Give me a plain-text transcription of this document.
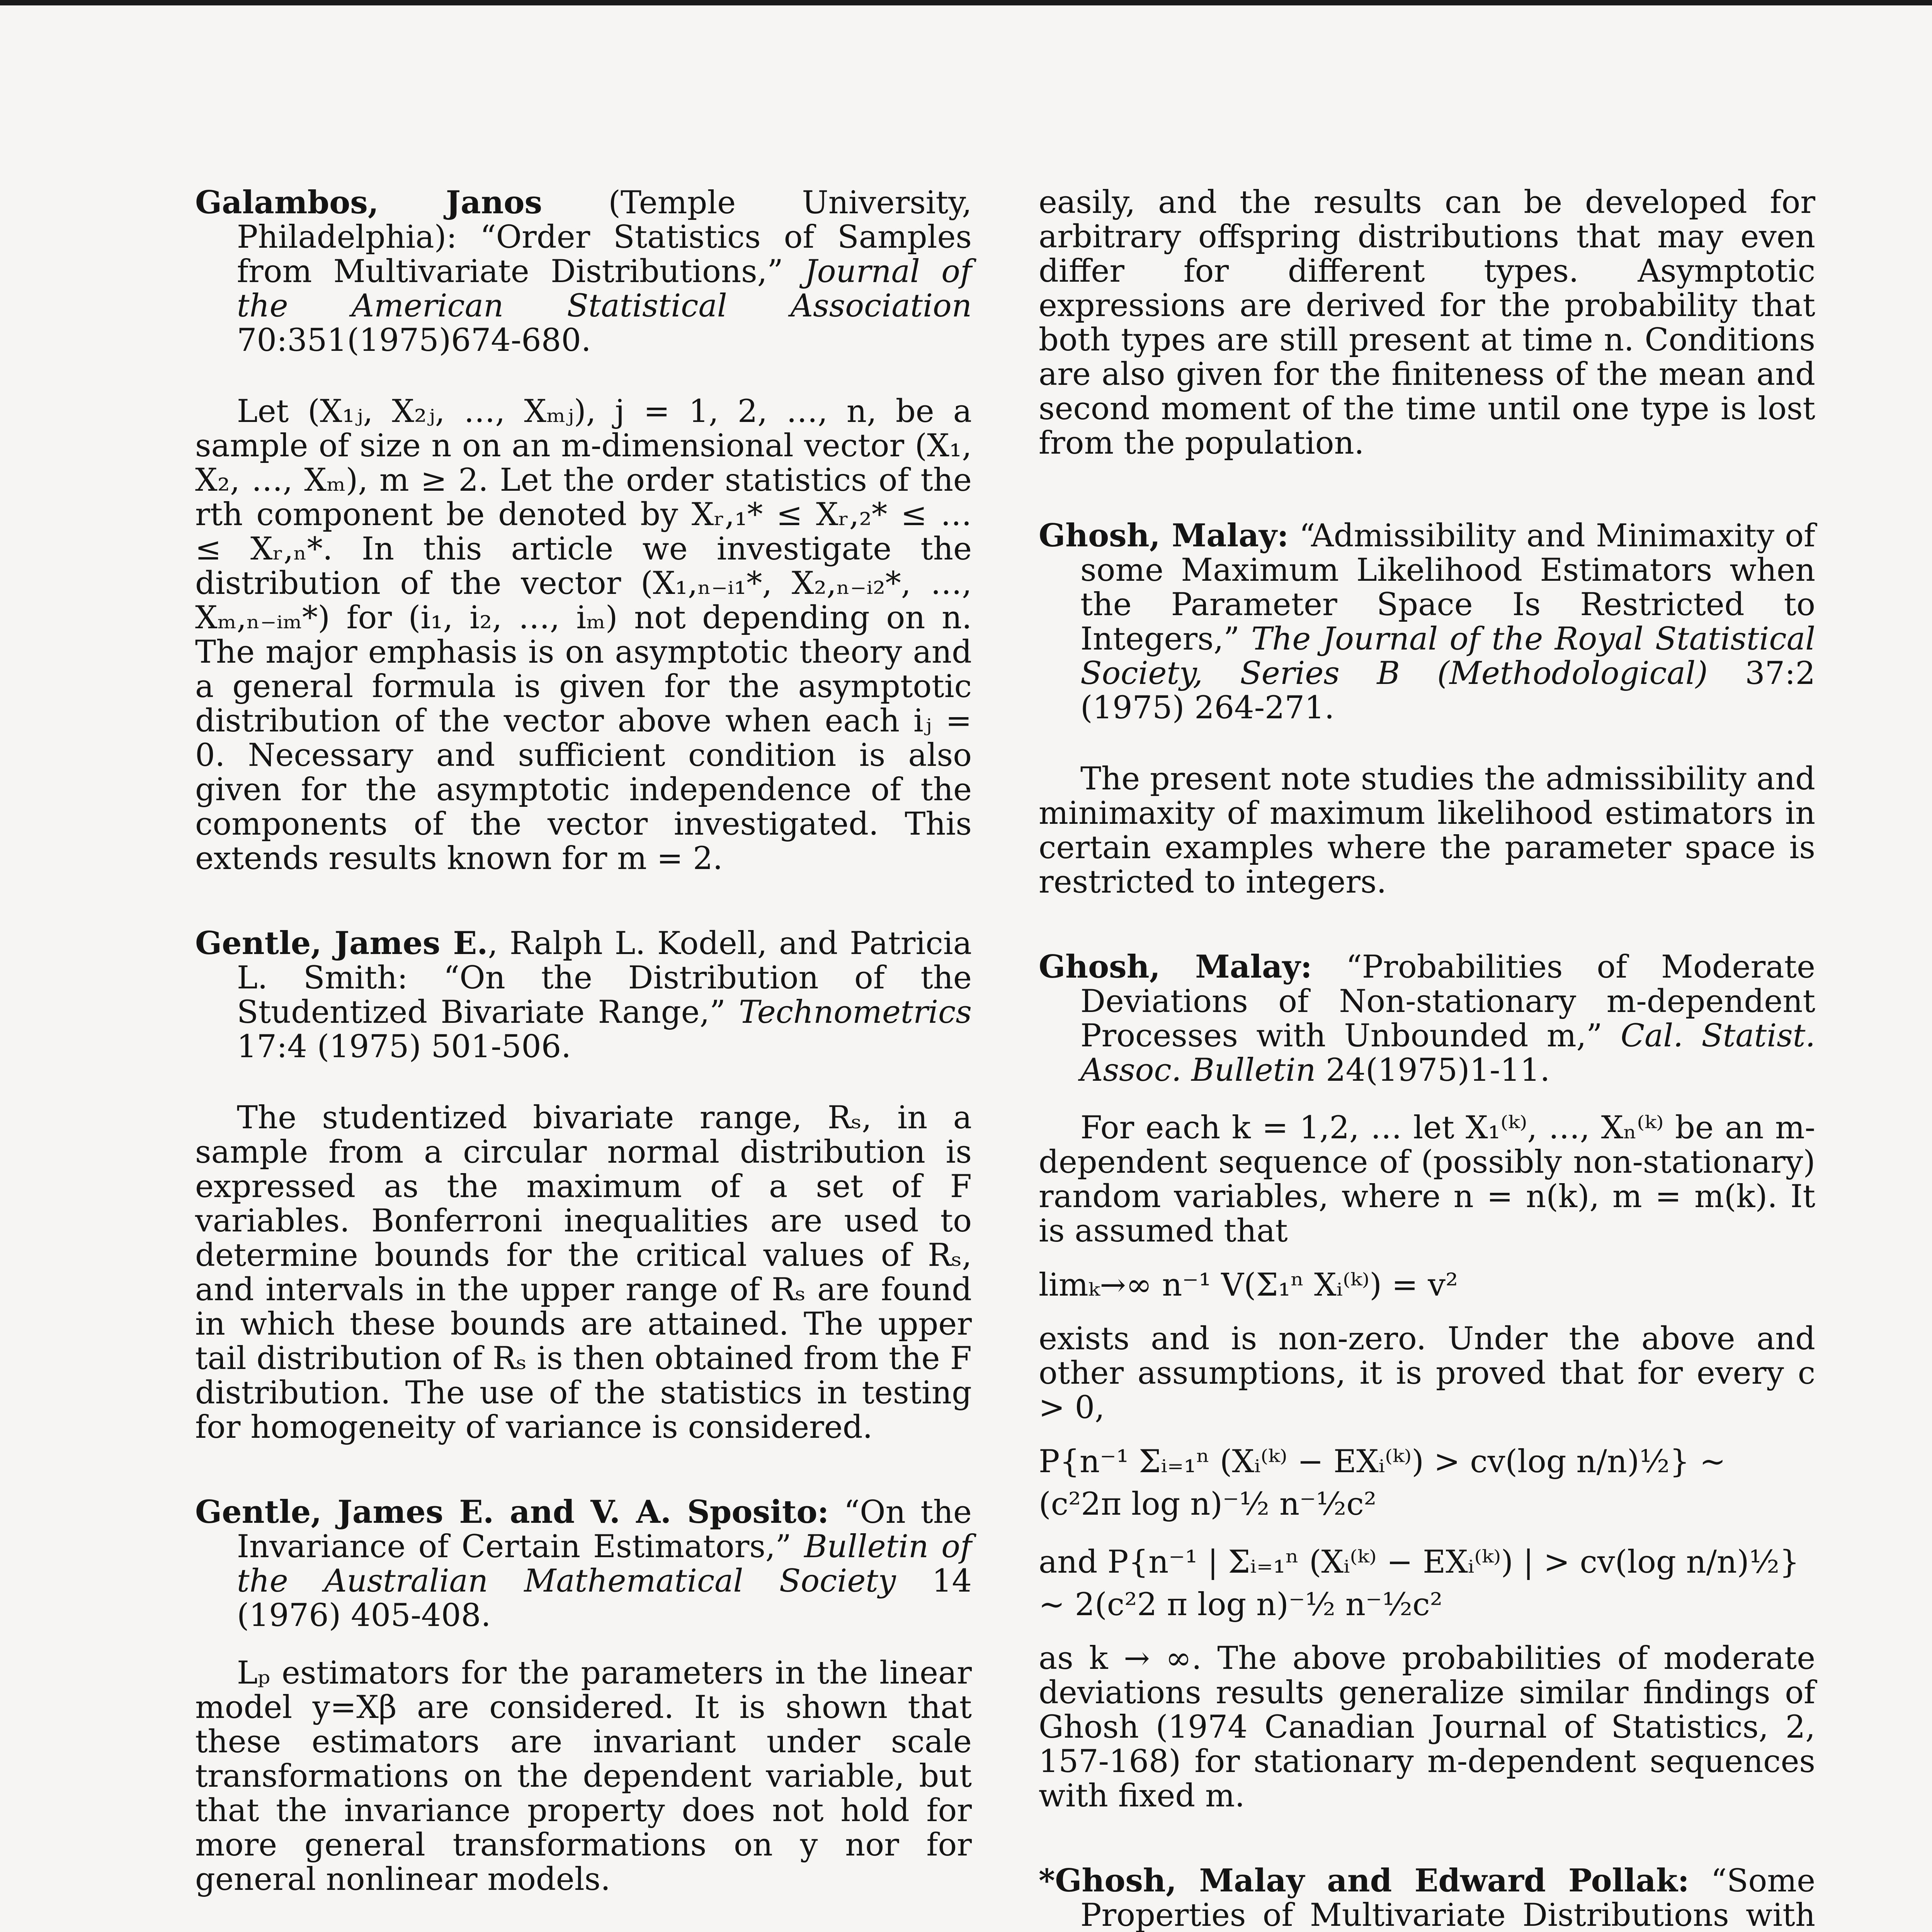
Galambos, Janos (Temple University, Philadelphia): “Order Statistics of Samples from Multivariate Distributions,” Journal of the American Statistical Association 70:351(1975)674-680.

Let (X₁ⱼ, X₂ⱼ, …, Xₘⱼ), j = 1, 2, …, n, be a sample of size n on an m-dimensional vector (X₁, X₂, …, Xₘ), m ≥ 2. Let the order statistics of the rth component be denoted by Xᵣ,₁* ≤ Xᵣ,₂* ≤ … ≤ Xᵣ,ₙ*. In this article we investigate the distribution of the vector (X₁,ₙ₋ᵢ₁*, X₂,ₙ₋ᵢ₂*, …, Xₘ,ₙ₋ᵢₘ*) for (i₁, i₂, …, iₘ) not depending on n. The major emphasis is on asymptotic theory and a general formula is given for the asymptotic distribution of the vector above when each iⱼ = 0. Necessary and sufficient condition is also given for the asymptotic independence of the components of the vector investigated. This extends results known for m = 2.

Gentle, James E., Ralph L. Kodell, and Patricia L. Smith: “On the Distribution of the Studentized Bivariate Range,” Technometrics 17:4 (1975) 501-506.

The studentized bivariate range, Rₛ, in a sample from a circular normal distribution is expressed as the maximum of a set of F variables. Bonferroni inequalities are used to determine bounds for the critical values of Rₛ, and intervals in the upper range of Rₛ are found in which these bounds are attained. The upper tail distribution of Rₛ is then obtained from the F distribution. The use of the statistics in testing for homogeneity of variance is considered.

Gentle, James E. and V. A. Sposito: “On the Invariance of Certain Estimators,” Bulletin of the Australian Mathematical Society 14 (1976) 405-408.

Lₚ estimators for the parameters in the linear model y=Xβ are considered. It is shown that these estimators are invariant under scale transformations on the dependent variable, but that the invariance property does not hold for more general transformations on y nor for general nonlinear models.

easily, and the results can be developed for arbitrary offspring distributions that may even differ for different types. Asymptotic expressions are derived for the probability that both types are still present at time n. Conditions are also given for the finiteness of the mean and second moment of the time until one type is lost from the population.

Ghosh, Malay: “Admissibility and Minimaxity of some Maximum Likelihood Estimators when the Parameter Space Is Restricted to Integers,” The Journal of the Royal Statistical Society, Series B (Methodological) 37:2 (1975) 264-271.

The present note studies the admissibility and minimaxity of maximum likelihood estimators in certain examples where the parameter space is restricted to integers.

Ghosh, Malay: “Probabilities of Moderate Deviations of Non-stationary m-dependent Processes with Unbounded m,” Cal. Statist. Assoc. Bulletin 24(1975)1-11.

For each k = 1,2, … let X₁⁽ᵏ⁾, …, Xₙ⁽ᵏ⁾ be an m-dependent sequence of (possibly non-stationary) random variables, where n = n(k), m = m(k). It is assumed that

limₖ→∞ n⁻¹ V(Σ₁ⁿ Xᵢ⁽ᵏ⁾) = v²

exists and is non-zero. Under the above and other assumptions, it is proved that for every c > 0,

P{n⁻¹ Σᵢ₌₁ⁿ (Xᵢ⁽ᵏ⁾ − EXᵢ⁽ᵏ⁾) > cv(log n/n)½} ~ (c²2π log n)⁻½ n⁻½c²

and P{n⁻¹ | Σᵢ₌₁ⁿ (Xᵢ⁽ᵏ⁾ − EXᵢ⁽ᵏ⁾) | > cv(log n/n)½} ~ 2(c²2 π log n)⁻½ n⁻½c²

as k → ∞. The above probabilities of moderate deviations results generalize similar findings of Ghosh (1974 Canadian Journal of Statistics, 2, 157-168) for stationary m-dependent sequences with fixed m.

*Ghosh, Malay and Edward Pollak: “Some Properties of Multivariate Distributions with
